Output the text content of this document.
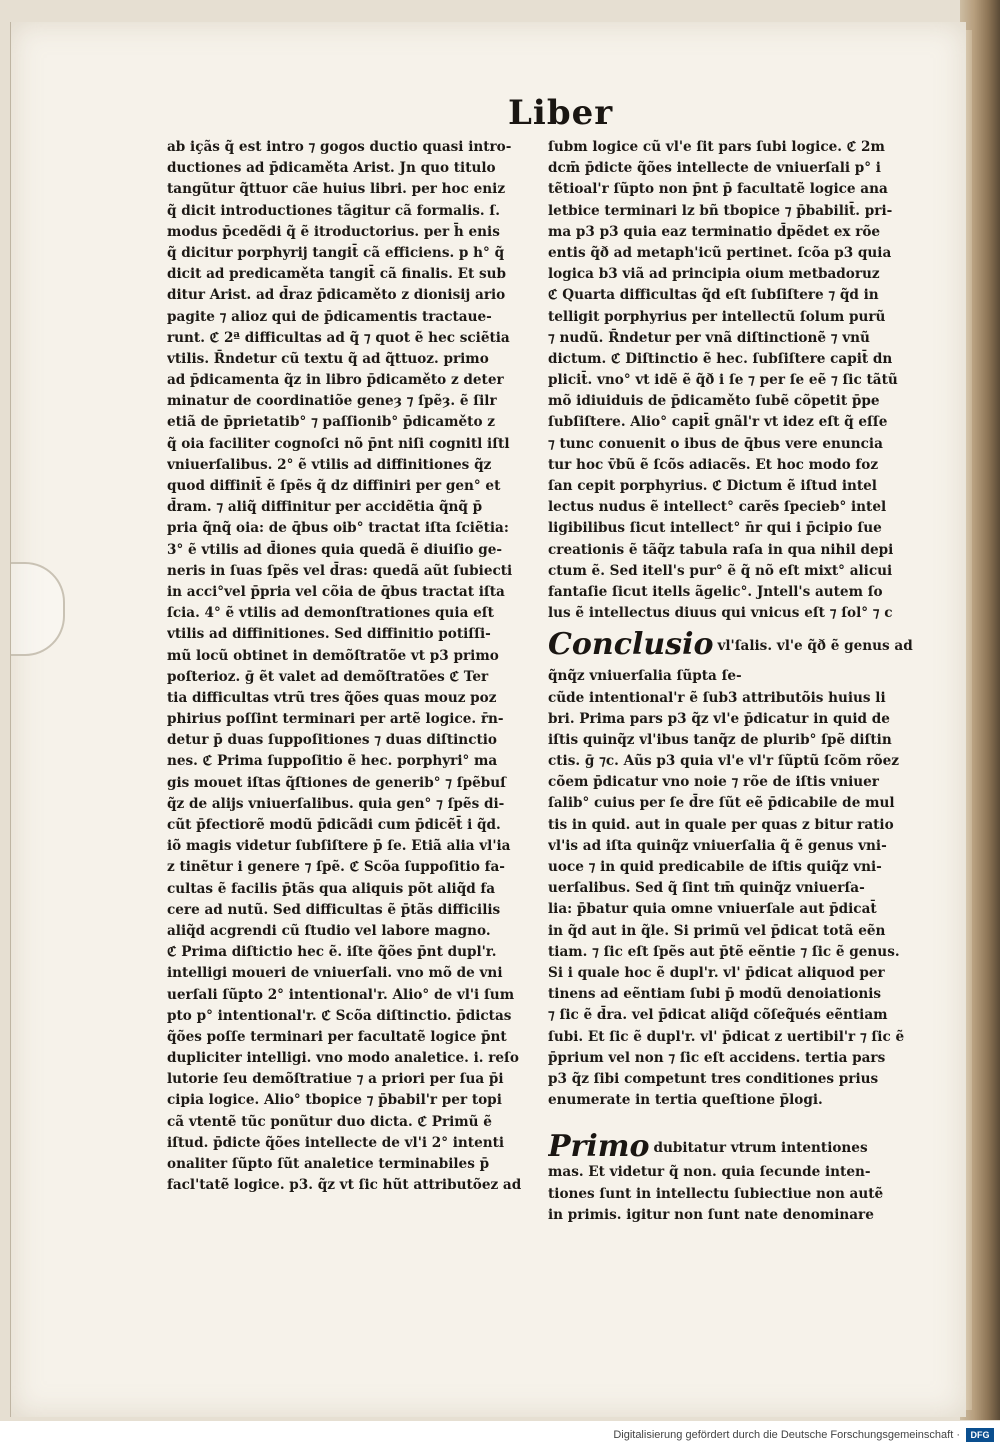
Liber
ab içãs q̃ est intro ⁊ gogos ductio quasi intro-
ductiones ad p̄dicaměta Arist. Jn quo titulo
tangũtur q̃ttuor cãe huius libri. per hoc eniz
q̃ dicit introductiones tãgitur cã formalis. ſ.
modus p̄cedẽdi q̃ ẽ itroductorius. per h̄ enis
q̃ dicitur porphyrij tangit̄ cã efficiens. p h° q̃
dicit ad predicaměta tangit̄ cã finalis. Et sub
ditur Arist. ad d̄raz p̄dicaměto z dionisij ario
pagite ⁊ alioz qui de p̄dicamentis tractaue-
runt. ℭ 2ª difficultas ad q̃ ⁊ quot ẽ hec sciẽtia
vtilis. R̄ndetur cũ textu q̃ ad q̃ttuoz. primo
ad p̄dicamenta q̃z in libro p̄dicaměto z deter
minatur de coordinatiõe geneȝ ⁊ ſpẽȝ. ẽ ſilr
etiã de p̄prietatib° ⁊ paſſionib° p̄dicaměto z
q̃ oia faciliter cognoſci nõ p̄nt niſi cognitl iſtl
vniuerſalibus. 2° ẽ vtilis ad diffinitiones q̃z
quod diffinit̄ ẽ ſpẽs q̃ dz diffiniri per gen° et
d̄ram. ⁊ aliq̃ diffinitur per accidẽtia q̃nq̃ p̄
pria q̃nq̃ oia: de q̄bus oib° tractat iſta ſciẽtia:
3° ẽ vtilis ad d̄iones quia quedã ẽ diuiſio ge-
neris in ſuas ſpẽs vel d̄ras: quedã aũt ſubiecti
in acci°vel p̄pria vel cõia de q̄bus tractat iſta
ſcia. 4° ẽ vtilis ad demonſtrationes quia eſt
vtilis ad diffinitiones. Sed diffinitio potiſſi-
mũ locũ obtinet in demõſtratõe vt p3 primo
poſterioz. ḡ ẽt valet ad demõſtratões ℭ Ter
tia difficultas vtrũ tres q̃ões quas mouz poz
phirius poſſint terminari per artẽ logice. r̄n-
detur p̄ duas ſuppoſitiones ⁊ duas diſtinctio
nes. ℭ Prima ſuppoſitio ẽ hec. porphyri° ma
gis mouet iſtas q̃ſtiones de generib° ⁊ ſpẽbuſ
q̃z de alijs vniuerſalibus. quia gen° ⁊ ſpẽs di-
cũt p̄fectiorẽ modũ p̄dicãdi cum p̄dicẽt̄ i q̃d.
iõ magis videtur ſubſiſtere p̄ ſe. Etiã alia vl'ia
z tinẽtur i genere ⁊ ſpẽ. ℭ Scõa ſuppoſitio fa-
cultas ẽ facilis p̄tãs qua aliquis põt aliq̃d fa
cere ad nutũ. Sed difficultas ẽ p̄tãs difficilis
aliq̃d acgrendi cũ ſtudio vel labore magno.
ℭ Prima diſtictio hec ẽ. iſte q̃ões p̄nt dupl'r.
intelligi moueri de vniuerſali. vno mõ de vni
uerſali ſũpto 2° intentional'r. Alio° de vl'i ſum
pto p° intentional'r. ℭ Scõa diſtinctio. p̄dictas
q̃ões poſſe terminari per facultatẽ logice p̄nt
dupliciter intelligi. vno modo analetice. i. reſo
lutorie ſeu demõſtratiue ⁊ a priori per ſua p̄i
cipia logice. Alio° tbopice ⁊ p̄babil'r per topi
cã vtentẽ tũc ponũtur duo dicta. ℭ Primũ ẽ
iſtud. p̄dicte q̃ões intellecte de vl'i 2° intenti
onaliter ſũpto ſũt analetice terminabiles p̄
facl'tatẽ logice. p3. q̃z vt ſic hũt attributõez ad
ſubm logice cũ vl'e ſit pars ſubi logice. ℭ 2m
dcm̄ p̄dicte q̃ões intellecte de vniuerſali p° i
tẽtioal'r ſũpto non p̄nt p̄ facultatẽ logice ana
letbice terminari lz bñ tbopice ⁊ p̄babilit̄. pri-
ma p3 p3 quia eaz terminatio d̄pẽdet ex rõe
entis q̃ð ad metaph'icũ pertinet. ſcõa p3 quia
logica b3 viã ad principia oium metbadoruz
ℭ Quarta difficultas q̃d eſt ſubſiſtere ⁊ q̃d in
telligit porphyrius per intellectũ ſolum purũ
⁊ nudũ. R̄ndetur per vnã diſtinctionẽ ⁊ vnũ
dictum. ℭ Diſtinctio ẽ hec. ſubſiſtere capit̄ dn
plicit̄. vno° vt idẽ ẽ q̃ð i ſe ⁊ per ſe eẽ ⁊ ſic tãtũ
mõ idiuiduis de p̄dicaměto ſubẽ cõpetit p̄pe
ſubſiſtere. Alio° capit̄ gnãl'r vt idez eſt q̃ eſſe
⁊ tunc conuenit o ibus de q̄bus vere enuncia
tur hoc v̄bũ ẽ ſcõs adiacẽs. Et hoc modo foz
ſan cepit porphyrius. ℭ Dictum ẽ iſtud intel
lectus nudus ẽ intellect° carẽs ſpecieb° intel
ligibilibus ſicut intellect° n̄r qui i p̄cipio ſue
creationis ẽ tãq̃z tabula raſa in qua nihil depi
ctum ẽ. Sed itell's pur° ẽ q̃ nõ eſt mixt° alicui
fantaſie ſicut itells ãgelic°. Jntell's autem ſo
lus ẽ intellectus diuus qui vnicus eſt ⁊ ſol° ⁊ c
Conclusio vl'ſalis. vl'e q̃ð ẽ genus ad
q̃nq̃z vniuerſalia ſũpta ſe-
cũde intentional'r ẽ ſub3 attributõis huius li
bri. Prima pars p3 q̃z vl'e p̄dicatur in quid de
iſtis quinq̃z vl'ibus tanq̃z de plurib° ſpẽ diſtin
ctis. ḡ ⁊c. Aũs p3 quia vl'e vl'r ſũptũ ſcõm rõez
cõem p̄dicatur vno noie ⁊ rõe de iſtis vniuer
ſalib° cuius per ſe d̄re ſũt eẽ p̄dicabile de mul
tis in quid. aut in quale per quas z bitur ratio
vl'is ad iſta quinq̃z vniuerſalia q̃ ẽ genus vni-
uoce ⁊ in quid predicabile de iſtis quiq̃z vni-
uerſalibus. Sed q̃ ſint tm̄ quinq̃z vniuerſa-
lia: p̄batur quia omne vniuerſale aut p̄dicat̄
in q̃d aut in q̃le. Si primũ vel p̄dicat totã eẽn
tiam. ⁊ ſic eſt ſpẽs aut p̄tẽ eẽntie ⁊ ſic ẽ genus.
Si i quale hoc ẽ dupl'r. vl' p̄dicat aliquod per
tinens ad eẽntiam ſubi p̄ modũ denoiationis
⁊ ſic ẽ d̄ra. vel p̄dicat aliq̃d cõſeq̃ués eẽntiam
ſubi. Et ſic ẽ dupl'r. vl' p̄dicat z uertibil'r ⁊ ſic ẽ
p̄prium vel non ⁊ ſic eſt accidens. tertia pars
p3 q̃z ſibi competunt tres conditiones prius
enumerate in tertia queſtione p̄logi.
Primo dubitatur vtrum intentiones
mas. Et videtur q̃ non. quia ſecunde inten-
tiones ſunt in intellectu ſubiectiue non autẽ
in primis. igitur non ſunt nate denominare
Digitalisierung gefördert durch die Deutsche Forschungsgemeinschaft ·	DFG
